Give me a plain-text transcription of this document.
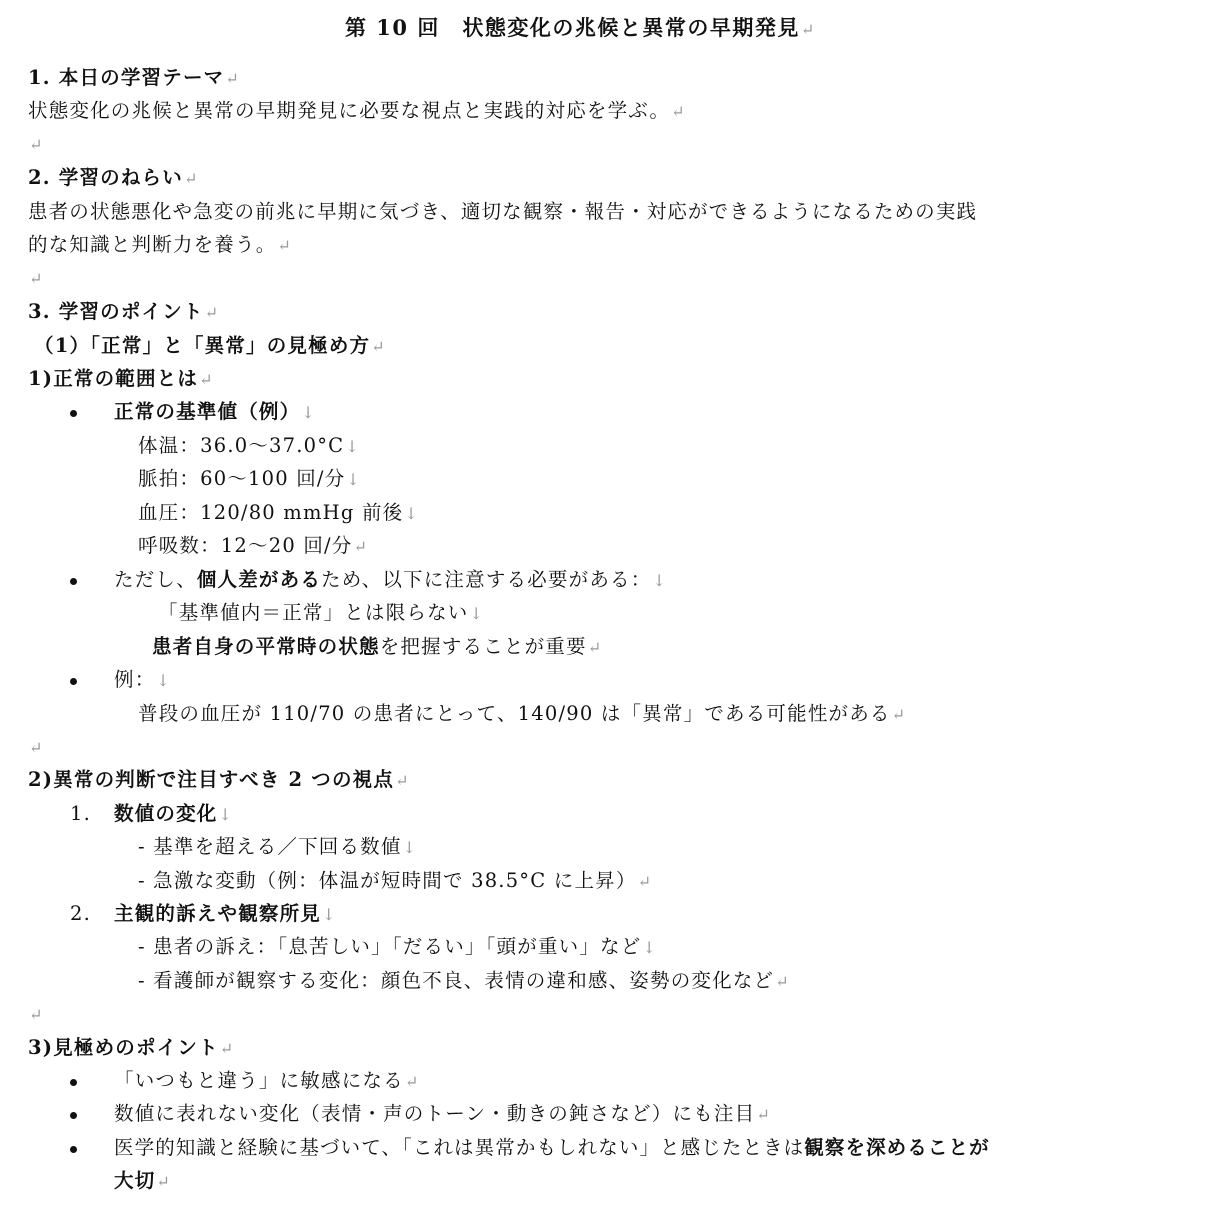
第 10 回　状態変化の兆候と異常の早期発見↵
1. 本日の学習テーマ↵
状態変化の兆候と異常の早期発見に必要な視点と実践的対応を学ぶ。↵
↵
2. 学習のねらい↵
患者の状態悪化や急変の前兆に早期に気づき、適切な観察・報告・対応ができるようになるための実践
的な知識と判断力を養う。↵
↵
3. 学習のポイント↵
（1）「正常」と「異常」の見極め方↵
1)正常の範囲とは↵
正常の基準値（例）↓
体温：36.0～37.0°C↓
脈拍：60～100 回/分↓
血圧：120/80 mmHg 前後↓
呼吸数：12～20 回/分↵
ただし、個人差があるため、以下に注意する必要がある：↓
「基準値内＝正常」とは限らない↓
患者自身の平常時の状態を把握することが重要↵
例：↓
普段の血圧が 110/70 の患者にとって、140/90 は「異常」である可能性がある↵
↵
2)異常の判断で注目すべき 2 つの視点↵
1. 数値の変化↓
- 基準を超える／下回る数値↓
- 急激な変動（例：体温が短時間で 38.5°C に上昇）↵
2. 主観的訴えや観察所見↓
- 患者の訴え：「息苦しい」「だるい」「頭が重い」など↓
- 看護師が観察する変化：顔色不良、表情の違和感、姿勢の変化など↵
↵
3)見極めのポイント↵
「いつもと違う」に敏感になる↵
数値に表れない変化（表情・声のトーン・動きの鈍さなど）にも注目↵
医学的知識と経験に基づいて、「これは異常かもしれない」と感じたときは観察を深めることが
大切↵
